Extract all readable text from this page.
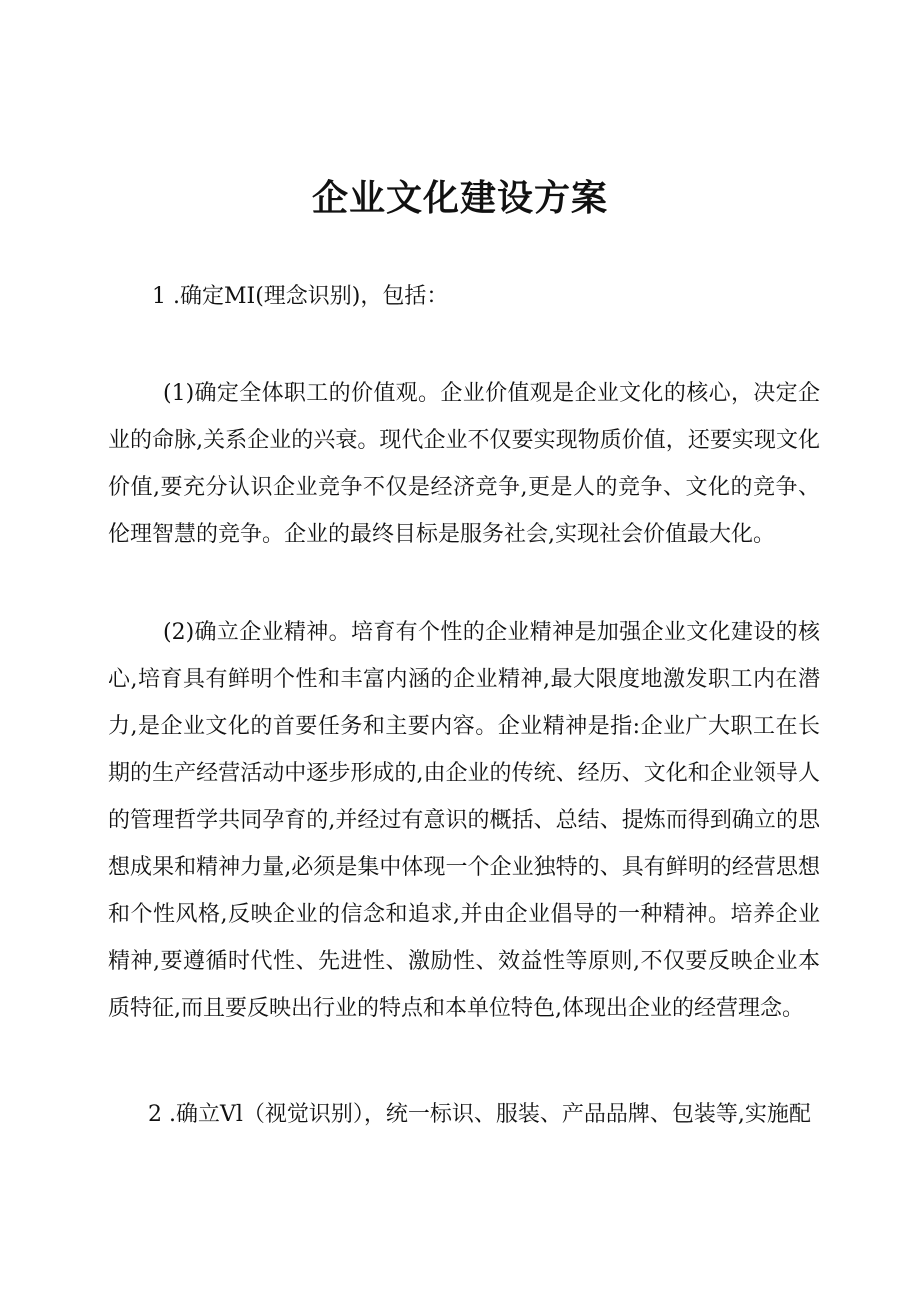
企业文化建设方案
1 .确定MI(理念识别)，包括：

(1)确定全体职工的价值观。企业价值观是企业文化的核心，决定企业的命脉,关系企业的兴衰。现代企业不仅要实现物质价值，还要实现文化价值,要充分认识企业竞争不仅是经济竞争,更是人的竞争、文化的竞争、伦理智慧的竞争。企业的最终目标是服务社会,实现社会价值最大化。

(2)确立企业精神。培育有个性的企业精神是加强企业文化建设的核心,培育具有鲜明个性和丰富内涵的企业精神,最大限度地激发职工内在潜力,是企业文化的首要任务和主要内容。企业精神是指:企业广大职工在长期的生产经营活动中逐步形成的,由企业的传统、经历、文化和企业领导人的管理哲学共同孕育的,并经过有意识的概括、总结、提炼而得到确立的思想成果和精神力量,必须是集中体现一个企业独特的、具有鲜明的经营思想和个性风格,反映企业的信念和追求,并由企业倡导的一种精神。培养企业精神,要遵循时代性、先进性、激励性、效益性等原则,不仅要反映企业本质特征,而且要反映出行业的特点和本单位特色,体现出企业的经营理念。

2 .确立Vl（视觉识别），统一标识、服装、产品品牌、包装等,实施配
